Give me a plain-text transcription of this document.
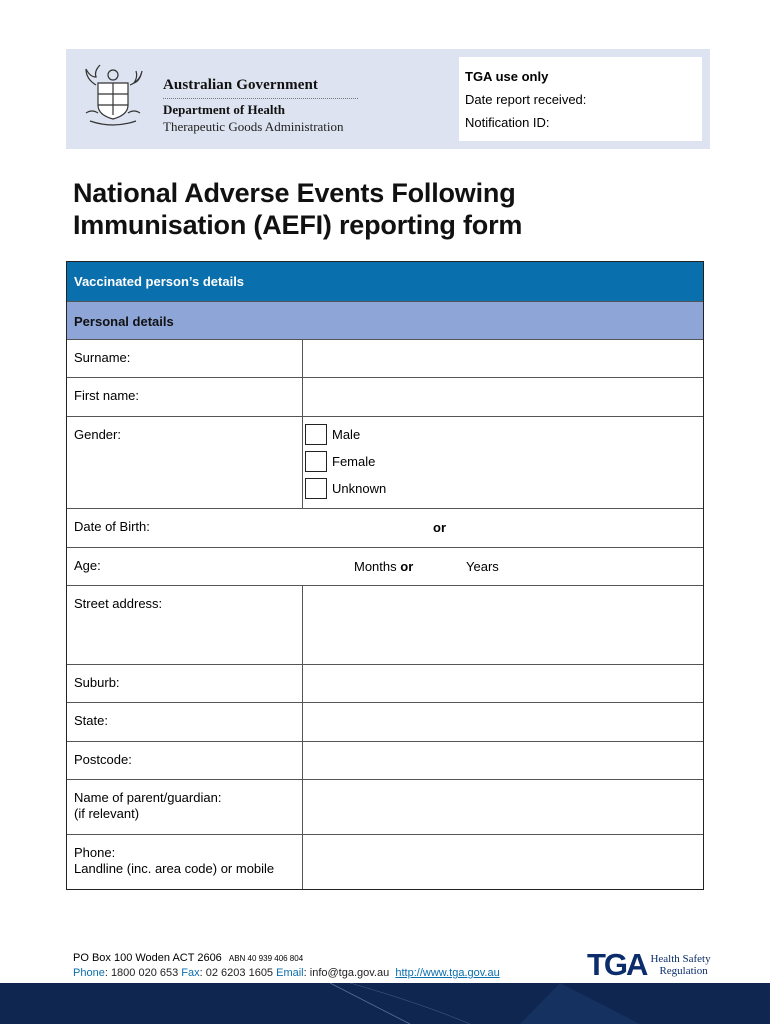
Australian Government
Department of Health
Therapeutic Goods Administration
TGA use only
Date report received:
Notification ID:
National Adverse Events Following
Immunisation (AEFI) reporting form
Vaccinated person’s details
Personal details
Surname:
First name:
Gender:	Male
Female
Unknown
Date of Birth:	or
Age:	Months or	Years
Street address:
Suburb:
State:
Postcode:
Name of parent/guardian:
(if relevant)
Phone:
Landline (inc. area code) or mobile
PO Box 100 Woden ACT 2606 ABN 40 939 406 804
Phone: 1800 020 653 Fax: 02 6203 1605 Email: info@tga.gov.au http://www.tga.gov.au	TGA Health Safety
Regulation
